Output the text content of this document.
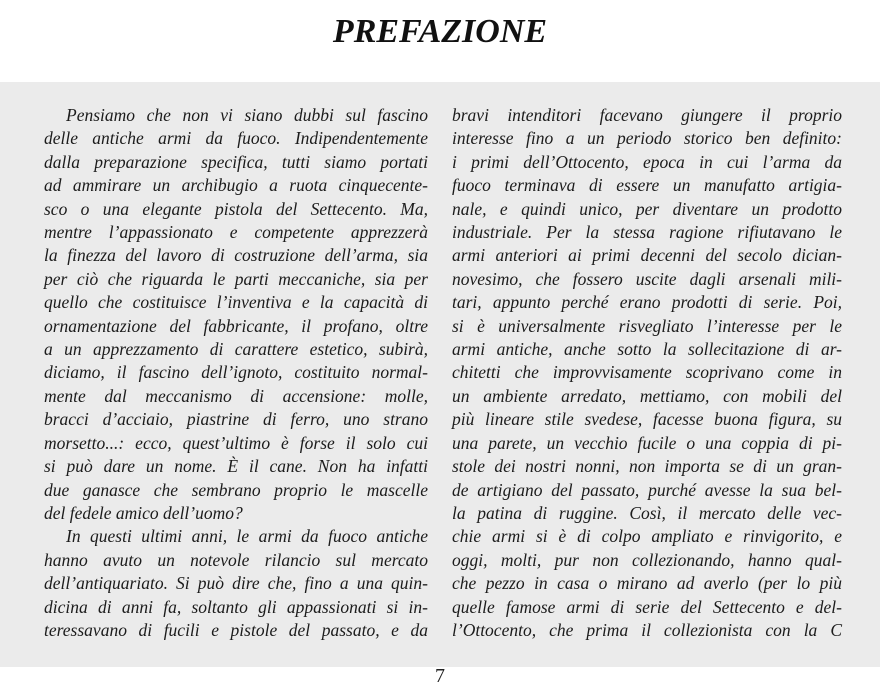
PREFAZIONE
Pensiamo che non vi siano dubbi sul fascino
delle antiche armi da fuoco. Indipendentemente
dalla preparazione specifica, tutti siamo portati
ad ammirare un archibugio a ruota cinquecente-
sco o una elegante pistola del Settecento. Ma,
mentre l’appassionato e competente apprezzerà
la finezza del lavoro di costruzione dell’arma, sia
per ciò che riguarda le parti meccaniche, sia per
quello che costituisce l’inventiva e la capacità di
ornamentazione del fabbricante, il profano, oltre
a un apprezzamento di carattere estetico, subirà,
diciamo, il fascino dell’ignoto, costituito normal-
mente dal meccanismo di accensione: molle,
bracci d’acciaio, piastrine di ferro, uno strano
morsetto...: ecco, quest’ultimo è forse il solo cui
si può dare un nome. È il cane. Non ha infatti
due ganasce che sembrano proprio le mascelle
del fedele amico dell’uomo?
In questi ultimi anni, le armi da fuoco antiche
hanno avuto un notevole rilancio sul mercato
dell’antiquariato. Si può dire che, fino a una quin-
dicina di anni fa, soltanto gli appassionati si in-
teressavano di fucili e pistole del passato, e da
bravi intenditori facevano giungere il proprio
interesse fino a un periodo storico ben definito:
i primi dell’Ottocento, epoca in cui l’arma da
fuoco terminava di essere un manufatto artigia-
nale, e quindi unico, per diventare un prodotto
industriale. Per la stessa ragione rifiutavano le
armi anteriori ai primi decenni del secolo dician-
novesimo, che fossero uscite dagli arsenali mili-
tari, appunto perché erano prodotti di serie. Poi,
si è universalmente risvegliato l’interesse per le
armi antiche, anche sotto la sollecitazione di ar-
chitetti che improvvisamente scoprivano come in
un ambiente arredato, mettiamo, con mobili del
più lineare stile svedese, facesse buona figura, su
una parete, un vecchio fucile o una coppia di pi-
stole dei nostri nonni, non importa se di un gran-
de artigiano del passato, purché avesse la sua bel-
la patina di ruggine. Così, il mercato delle vec-
chie armi si è di colpo ampliato e rinvigorito, e
oggi, molti, pur non collezionando, hanno qual-
che pezzo in casa o mirano ad averlo (per lo più
quelle famose armi di serie del Settecento e del-
l’Ottocento, che prima il collezionista con la C
7
